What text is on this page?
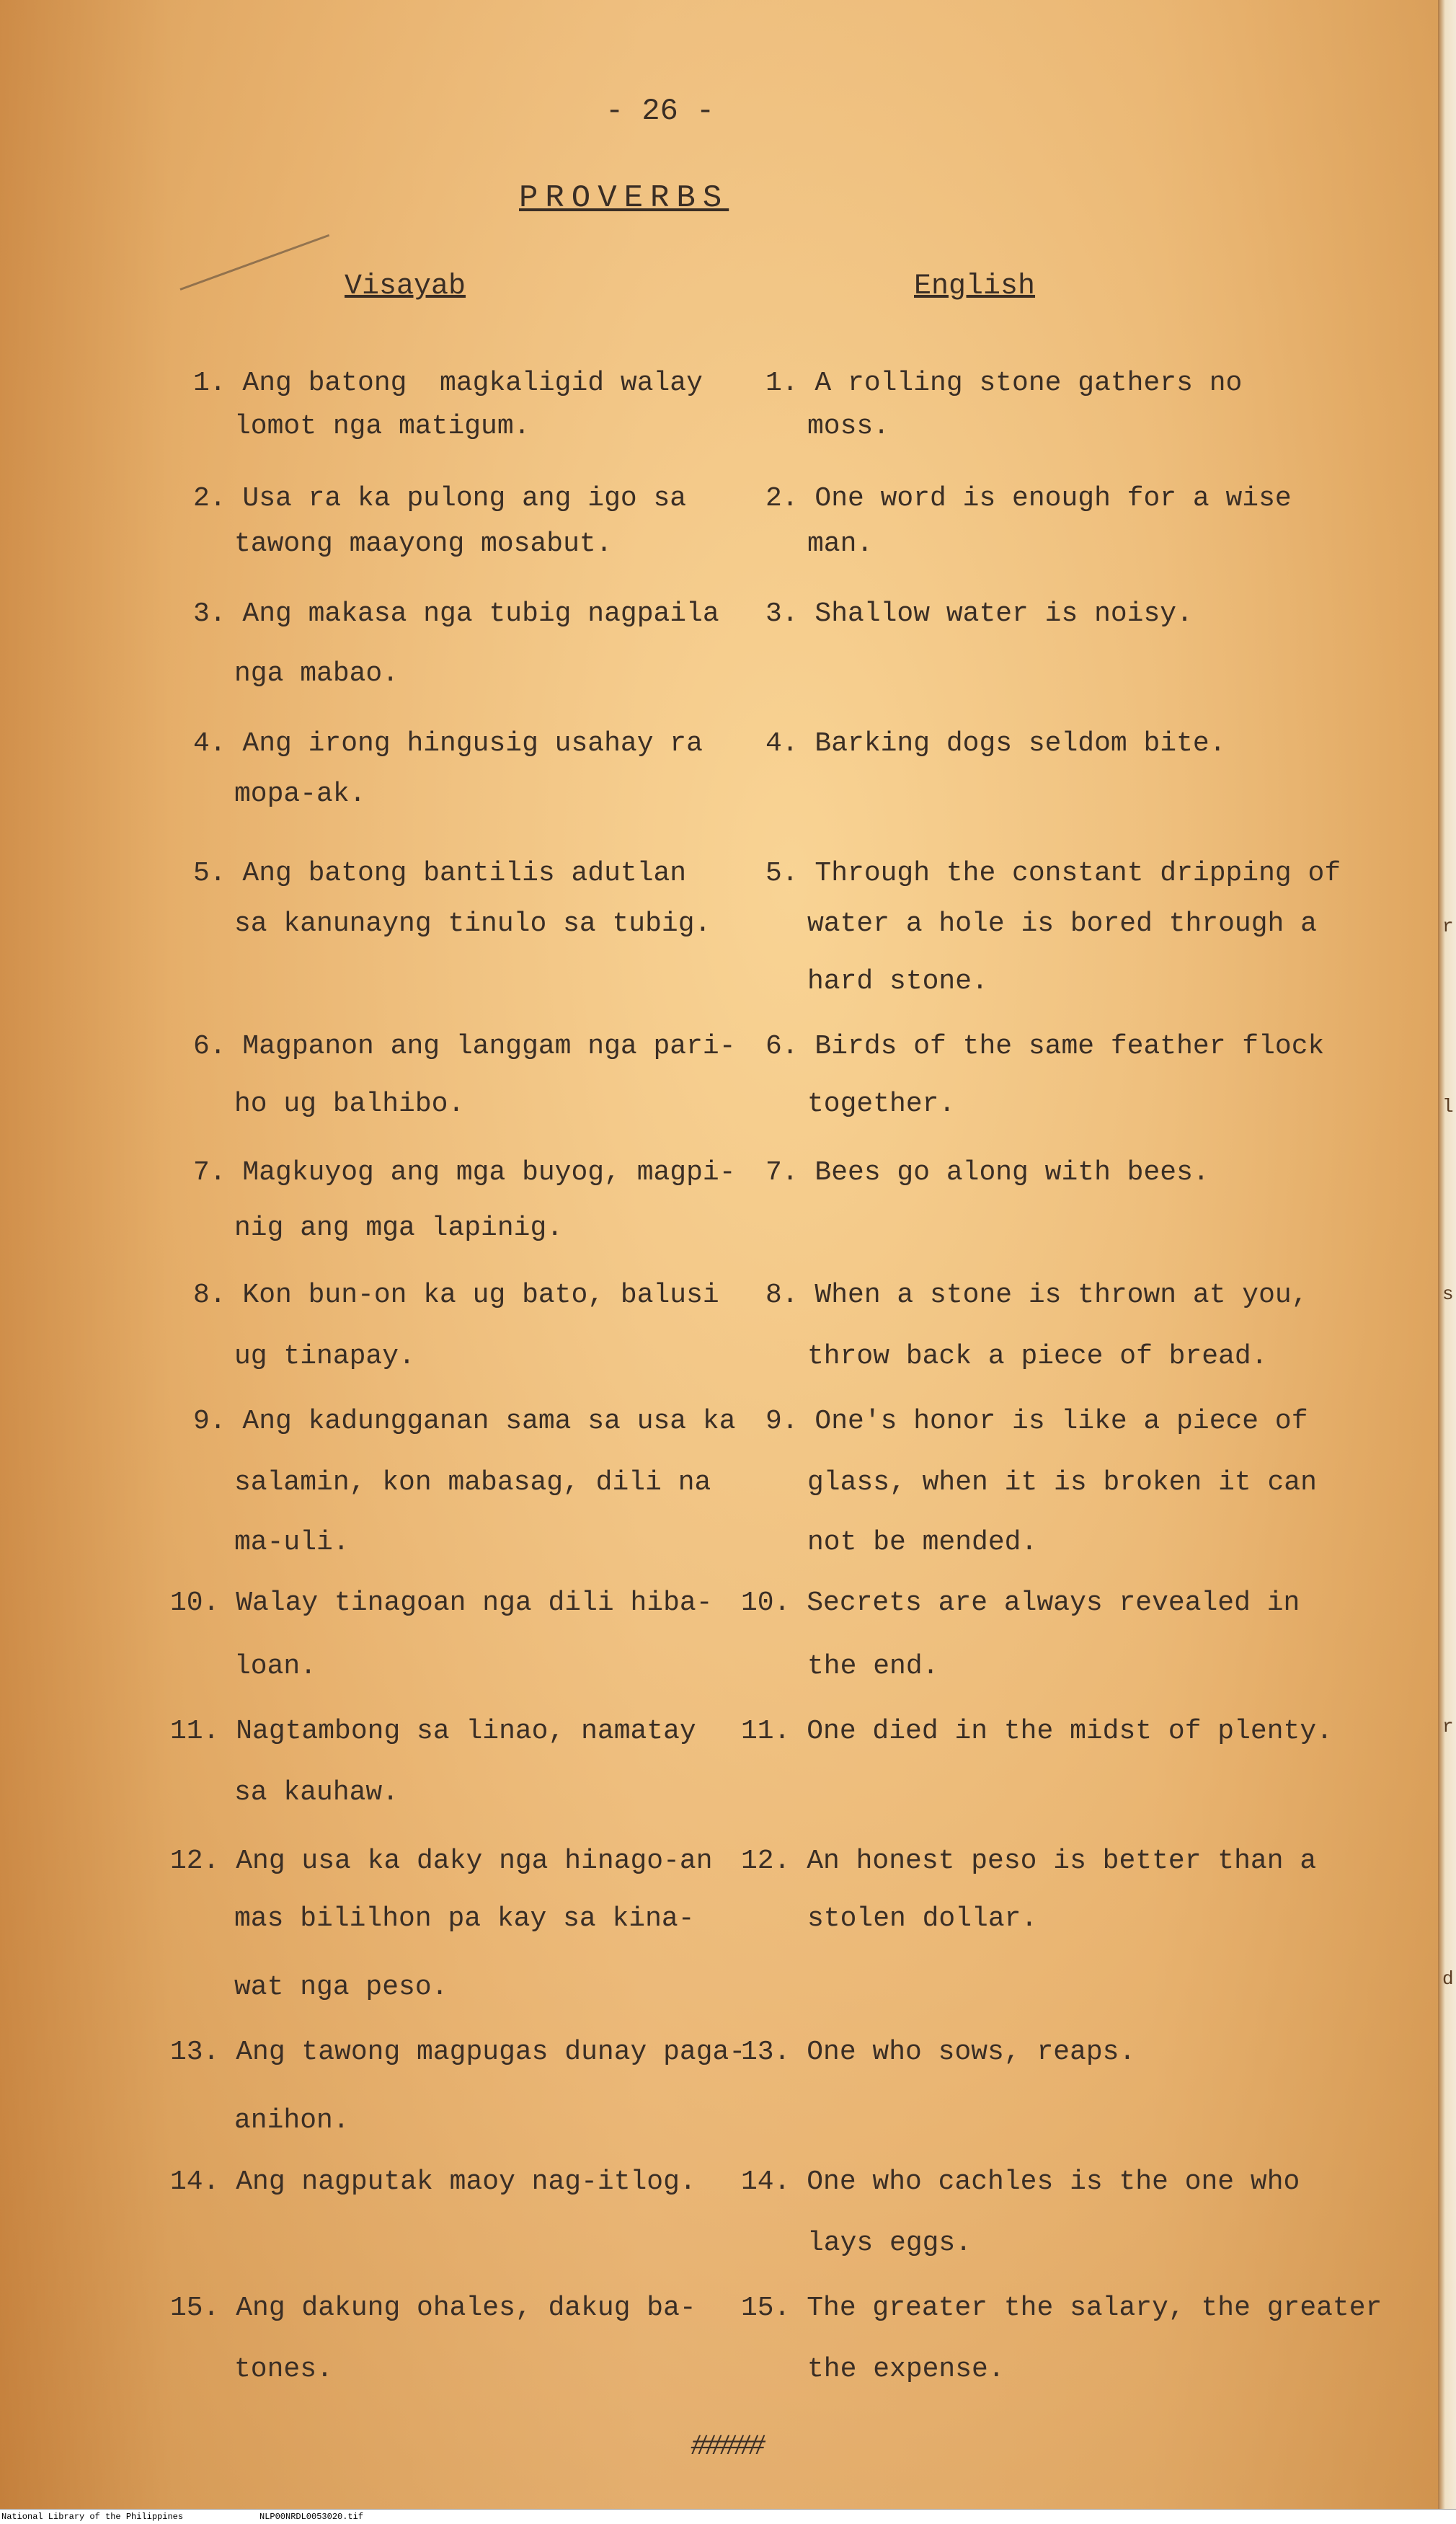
- 26 -
PROVERBS
Visayab	English
1. Ang batong  magkaligid walay
lomot nga matigum.
1. A rolling stone gathers no
moss.
2. Usa ra ka pulong ang igo sa
tawong maayong mosabut.
2. One word is enough for a wise
man.
3. Ang makasa nga tubig nagpaila
nga mabao.
3. Shallow water is noisy.
4. Ang irong hingusig usahay ra
mopa-ak.
4. Barking dogs seldom bite.
5. Ang batong bantilis adutlan
sa kanunayng tinulo sa tubig.
5. Through the constant dripping of
water a hole is bored through a
hard stone.
6. Magpanon ang langgam nga pari-
ho ug balhibo.
6. Birds of the same feather flock
together.
7. Magkuyog ang mga buyog, magpi-
nig ang mga lapinig.
7. Bees go along with bees.
8. Kon bun-on ka ug bato, balusi
ug tinapay.
8. When a stone is thrown at you,
throw back a piece of bread.
9. Ang kadungganan sama sa usa ka
salamin, kon mabasag, dili na
ma-uli.
9. One's honor is like a piece of
glass, when it is broken it can
not be mended.
10. Walay tinagoan nga dili hiba-
loan.
10. Secrets are always revealed in
the end.
11. Nagtambong sa linao, namatay
sa kauhaw.
11. One died in the midst of plenty.
12. Ang usa ka daky nga hinago-an
mas bililhon pa kay sa kina-
wat nga peso.
12. An honest peso is better than a
stolen dollar.
13. Ang tawong magpugas dunay paga-
anihon.
13. One who sows, reaps.
14. Ang nagputak maoy nag-itlog. 14. One who cachles is the one who
lays eggs.
15. Ang dakung ohales, dakug ba-
tones.
15. The greater the salary, the greater
the expense.
#####
r
l
s
r
d
National Library of the Philippines	NLP00NRDL0053020.tif
